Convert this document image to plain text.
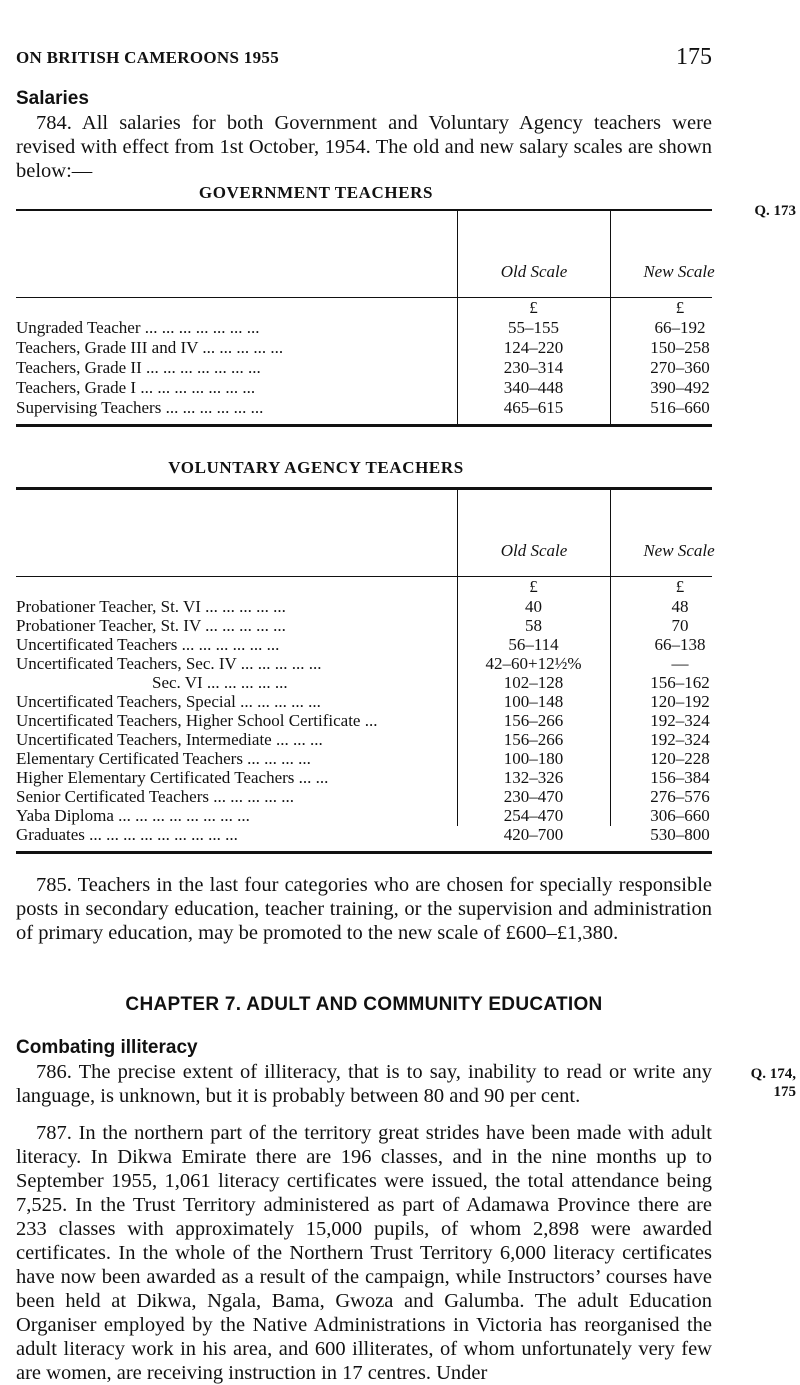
ON BRITISH CAMEROONS 1955	175
Salaries

784. All salaries for both Government and Voluntary Agency teachers were revised with effect from 1st October, 1954. The old and new salary scales are shown below:—

GOVERNMENT TEACHERS
Q. 173
Old Scale	New Scale
£	£
Ungraded Teacher ... ... ... ... ... ... ...	55–155	66–192
Teachers, Grade III and IV ... ... ... ... ...	124–220	150–258
Teachers, Grade II ... ... ... ... ... ... ...	230–314	270–360
Teachers, Grade I ... ... ... ... ... ... ...	340–448	390–492
Supervising Teachers ... ... ... ... ... ...	465–615	516–660
VOLUNTARY AGENCY TEACHERS
Old Scale	New Scale
£	£
Probationer Teacher, St. VI ... ... ... ... ...	40	48
Probationer Teacher, St. IV ... ... ... ... ...	58	70
Uncertificated Teachers ... ... ... ... ... ...	56–114	66–138
Uncertificated Teachers, Sec. IV ... ... ... ... ...	42–60+12½%	—
Sec. VI ... ... ... ... ...	102–128	156–162
Uncertificated Teachers, Special ... ... ... ... ...	100–148	120–192
Uncertificated Teachers, Higher School Certificate ...	156–266	192–324
Uncertificated Teachers, Intermediate ... ... ...	156–266	192–324
Elementary Certificated Teachers ... ... ... ...	100–180	120–228
Higher Elementary Certificated Teachers ... ...	132–326	156–384
Senior Certificated Teachers ... ... ... ... ...	230–470	276–576
Yaba Diploma ... ... ... ... ... ... ... ...	254–470	306–660
Graduates ... ... ... ... ... ... ... ... ...	420–700	530–800

785. Teachers in the last four categories who are chosen for specially responsible posts in secondary education, teacher training, or the supervision and administration of primary education, may be promoted to the new scale of £600–£1,380.

CHAPTER 7. ADULT AND COMMUNITY EDUCATION
Combating illiteracy

786. The precise extent of illiteracy, that is to say, inability to read or write any language, is unknown, but it is probably between 80 and 90 per cent.

Q. 174,
175

787. In the northern part of the territory great strides have been made with adult literacy. In Dikwa Emirate there are 196 classes, and in the nine months up to September 1955, 1,061 literacy certificates were issued, the total attendance being 7,525. In the Trust Territory administered as part of Adamawa Province there are 233 classes with approximately 15,000 pupils, of whom 2,898 were awarded certificates. In the whole of the Northern Trust Territory 6,000 literacy certificates have now been awarded as a result of the campaign, while Instructors’ courses have been held at Dikwa, Ngala, Bama, Gwoza and Galumba. The adult Education Organiser employed by the Native Administrations in Victoria has reorganised the adult literacy work in his area, and 600 illiterates, of whom unfortunately very few are women, are receiving instruction in 17 centres. Under
